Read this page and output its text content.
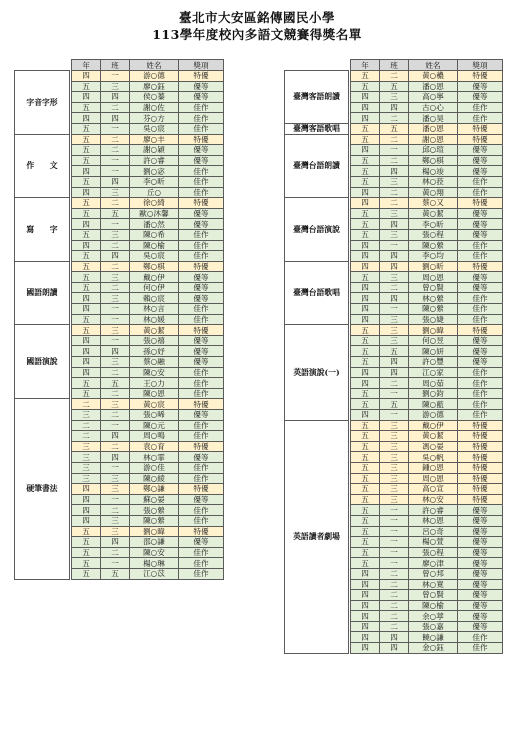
臺北市大安區銘傳國民小學
113學年度校內多語文競賽得獎名單
		年	班	姓名	獎項
字音字形		四	一	游○德	特優
		五	三	廖○鈺	優等
		四	四	侯○蓁	優等
		五	二	謝○佐	佳作
		四	四	芬○方	佳作
		五	一	吳○宸	佳作
作　　文		五	二	廖○丰	特優
		五	二	謝○穎	優等
		五	一	許○睿	優等
		四	一	劉○宓	佳作
		五	四	李○昕	佳作
		四	三	丘○	佳作
寫　　字		五	二	徐○綺	特優
		五	五	歐○沐馨	優等
		四	一	潘○然	優等
		五	三	陳○希	佳作
		四	二	陳○榆	佳作
		五	四	吳○宸	佳作
國語朗讀		五	二	鄭○棋	特優
		五	三	戴○伊	優等
		五	二	何○伊	優等
		四	三	賴○宸	優等
		四	一	林○言	佳作
		五	一	林○媛	佳作
國語演說		五	三	黃○絜	特優
		四	一	張○禧	優等
		四	四	孫○妤	優等
		四	三	蔡○融	優等
		四	二	陳○安	佳作
		五	五	王○力	佳作
		五	二	陳○恩	佳作
硬筆書法		二	三	黃○宸	特優
		三	二	張○晞	優等
		二	一	陳○元	佳作
		二	四	周○鳴	佳作
		三	二	袁○育	特優
		三	四	林○霏	優等
		三	一	游○佳	佳作
		三	三	陳○綾	佳作
		四	三	鄭○謙	特優
		四	一	蘇○晏	優等
		四	二	張○縈	佳作
		四	三	陳○縈	佳作
		五	三	劉○暐	特優
		五	四	邵○謙	優等
		五	二	陳○安	佳作
		五	一	楊○琳	佳作
		五	五	江○苡	佳作
		年	班	姓名	獎項
臺灣客語朗讀		五	二	黃○穠	特優
		五	五	潘○恩	優等
		四	三	高○寧	優等
		四	四	古○心	佳作
		四	二	潘○昊	佳作
臺灣客語歌唱		五	五	潘○恩	特優
臺灣台語朗讀		五	二	謝○恩	特優
		四	一	邱○瑄	優等
		五	二	鄭○棋	優等
		五	四	楊○竣	優等
		五	三	林○菈	佳作
		四	二	黃○翔	佳作
臺灣台語演說		四	二	蔡○又	特優
		五	三	黃○絜	優等
		五	四	李○昕	優等
		五	三	張○程	優等
		四	一	陳○縈	佳作
		四	四	李○均	佳作
臺灣台語歌唱		四	四	劉○昕	特優
		五	三	周○恩	優等
		四	二	曾○賢	優等
		四	四	林○縈	佳作
		四	一	陳○縈	佳作
		四	三	張○婕	佳作
英語演說(一)		五	三	劉○暐	特優
		五	三	何○昱	優等
		五	五	陳○妍	優等
		五	四	許○豐	優等
		四	四	江○家	佳作
		四	二	周○茹	佳作
		五	一	劉○鈞	佳作
		五	五	陳○藍	佳作
		四	一	游○德	佳作
英語讀者劇場		五	三	戴○伊	特優
		五	三	黃○絜	特優
		五	三	馮○晏	特優
		五	三	吳○帆	特優
		五	三	鍾○恩	特優
		五	三	周○恩	特優
		五	三	高○宣	特優
		五	三	林○安	特優
		五	一	許○睿	優等
		五	一	林○恩	優等
		五	一	呂○奇	優等
		五	一	楊○萱	優等
		五	一	張○程	優等
		五	一	廖○津	優等
		四	二	曾○邦	優等
		四	二	林○寬	優等
		四	二	曾○賢	優等
		四	二	陳○榆	優等
		四	二	余○葶	優等
		四	二	張○嘉	優等
		四	四	饒○謙	佳作
		四	四	金○鈺	佳作
